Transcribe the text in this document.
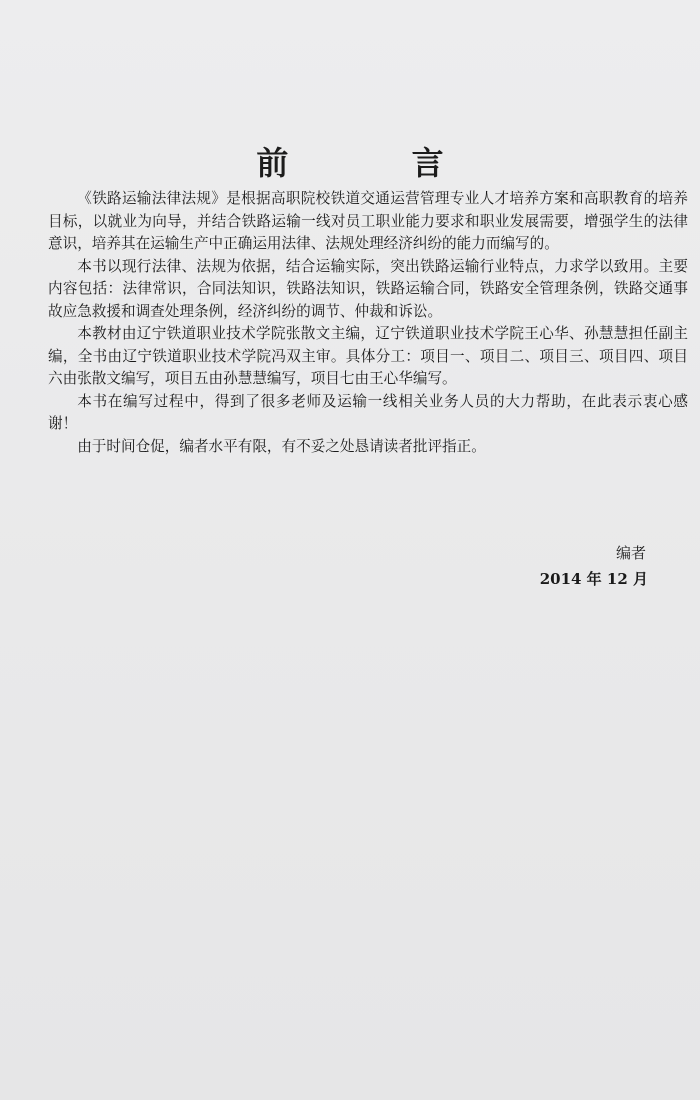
前 言

《铁路运输法律法规》是根据高职院校铁道交通运营管理专业人才培养方案和高职教育的培养目标，以就业为向导，并结合铁路运输一线对员工职业能力要求和职业发展需要，增强学生的法律意识，培养其在运输生产中正确运用法律、法规处理经济纠纷的能力而编写的。

本书以现行法律、法规为依据，结合运输实际，突出铁路运输行业特点，力求学以致用。主要内容包括：法律常识，合同法知识，铁路法知识，铁路运输合同，铁路安全管理条例，铁路交通事故应急救援和调查处理条例，经济纠纷的调节、仲裁和诉讼。

本教材由辽宁铁道职业技术学院张散文主编，辽宁铁道职业技术学院王心华、孙慧慧担任副主编，全书由辽宁铁道职业技术学院冯双主审。具体分工：项目一、项目二、项目三、项目四、项目六由张散文编写，项目五由孙慧慧编写，项目七由王心华编写。

本书在编写过程中，得到了很多老师及运输一线相关业务人员的大力帮助，在此表示衷心感谢！

由于时间仓促，编者水平有限，有不妥之处恳请读者批评指正。

编者
2014 年 12 月
